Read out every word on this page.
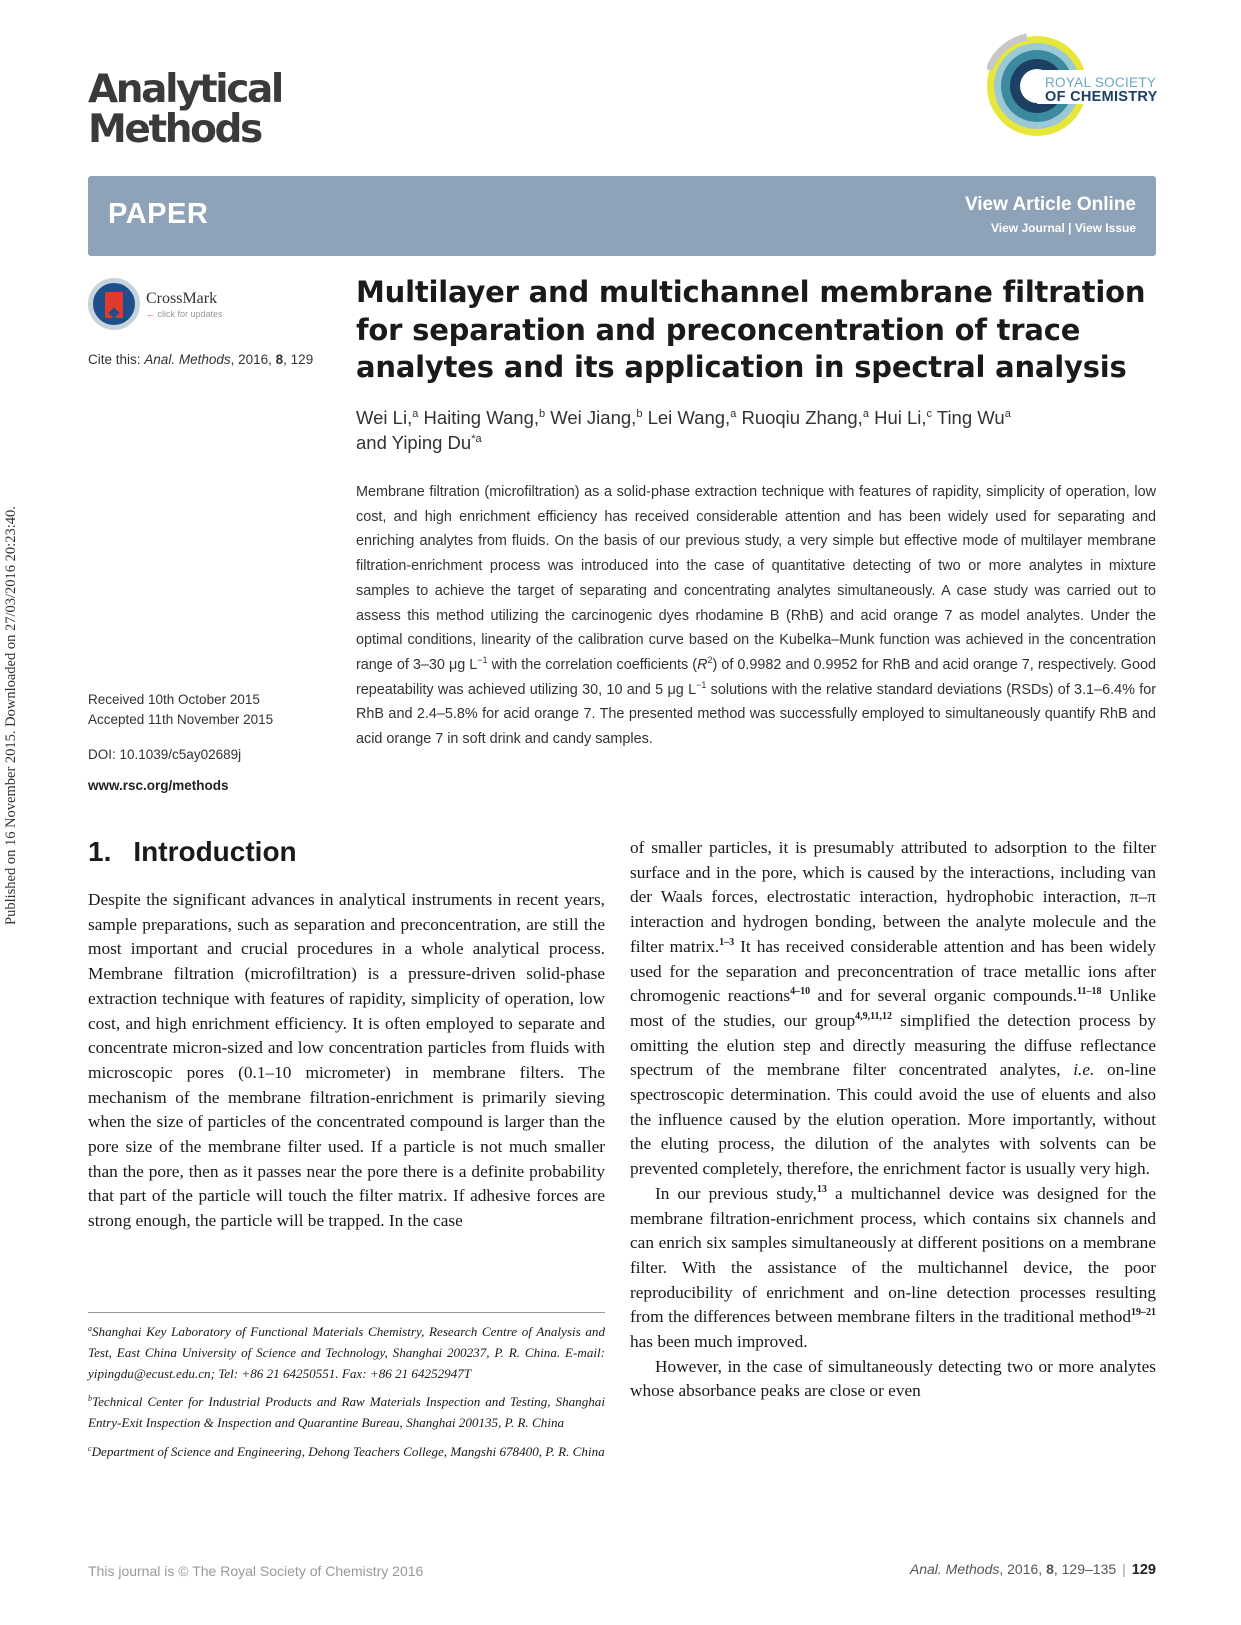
Published on 16 November 2015. Downloaded on 27/03/2016 20:23:40.
Analytical
Methods
ROYAL SOCIETY
OF CHEMISTRY
PAPER	View Article Online
View Journal | View Issue
CrossMark
← click for updates
Cite this: Anal. Methods, 2016, 8, 129
Multilayer and multichannel membrane filtration for separation and preconcentration of trace analytes and its application in spectral analysis
Wei Li,$^a$ Haiting Wang,$^b$ Wei Jiang,$^b$ Lei Wang,$^a$ Ruoqiu Zhang,$^a$ Hui Li,$^c$ Ting Wu$^a$
and Yiping Du$^{*a}$
Membrane filtration (microfiltration) as a solid-phase extraction technique with features of rapidity, simplicity of operation, low cost, and high enrichment efficiency has received considerable attention and has been widely used for separating and enriching analytes from fluids. On the basis of our previous study, a very simple but effective mode of multilayer membrane filtration-enrichment process was introduced into the case of quantitative detecting of two or more analytes in mixture samples to achieve the target of separating and concentrating analytes simultaneously. A case study was carried out to assess this method utilizing the carcinogenic dyes rhodamine B (RhB) and acid orange 7 as model analytes. Under the optimal conditions, linearity of the calibration curve based on the Kubelka–Munk function was achieved in the concentration range of 3–30 μg $L^{-1}$ with the correlation coefficients $(R^2)$ of 0.9982 and 0.9952 for RhB and acid orange 7, respectively. Good repeatability was achieved utilizing 30, 10 and 5 μg $L^{-1}$ solutions with the relative standard deviations (RSDs) of 3.1–6.4% for RhB and 2.4–5.8% for acid orange 7. The presented method was successfully employed to simultaneously quantify RhB and acid orange 7 in soft drink and candy samples.
Received 10th October 2015
Accepted 11th November 2015
DOI: 10.1039/c5ay02689j
www.rsc.org/methods
1. Introduction

Despite the significant advances in analytical instruments in recent years, sample preparations, such as separation and preconcentration, are still the most important and crucial procedures in a whole analytical process. Membrane filtration (microfiltration) is a pressure-driven solid-phase extraction technique with features of rapidity, simplicity of operation, low cost, and high enrichment efficiency. It is often employed to separate and concentrate micron-sized and low concentration particles from fluids with microscopic pores (0.1–10 micrometer) in membrane filters. The mechanism of the membrane filtration-enrichment is primarily sieving when the size of particles of the concentrated compound is larger than the pore size of the membrane filter used. If a particle is not much smaller than the pore, then as it passes near the pore there is a definite probability that part of the particle will touch the filter matrix. If adhesive forces are strong enough, the particle will be trapped. In the case

of smaller particles, it is presumably attributed to adsorption to the filter surface and in the pore, which is caused by the interactions, including van der Waals forces, electrostatic interaction, hydrophobic interaction, π–π interaction and hydrogen bonding, between the analyte molecule and the filter matrix.$^{1-3}$ It has received considerable attention and has been widely used for the separation and preconcentration of trace metallic ions after chromogenic reactions$^{4-10}$ and for several organic compounds.$^{11-18}$ Unlike most of the studies, our group$^{4,9,11,12}$ simplified the detection process by omitting the elution step and directly measuring the diffuse reflectance spectrum of the membrane filter concentrated analytes, i.e. on-line spectroscopic determination. This could avoid the use of eluents and also the influence caused by the elution operation. More importantly, without the eluting process, the dilution of the analytes with solvents can be prevented completely, therefore, the enrichment factor is usually very high.

In our previous study,$^{13}$ a multichannel device was designed for the membrane filtration-enrichment process, which contains six channels and can enrich six samples simultaneously at different positions on a membrane filter. With the assistance of the multichannel device, the poor reproducibility of enrichment and on-line detection processes resulting from the differences between membrane filters in the traditional method$^{19-21}$ has been much improved.

However, in the case of simultaneously detecting two or more analytes whose absorbance peaks are close or even

$^a$Shanghai Key Laboratory of Functional Materials Chemistry, Research Centre of Analysis and Test, East China University of Science and Technology, Shanghai 200237, P. R. China. E-mail: yipingdu@ecust.edu.cn; Tel: +86 21 64250551. Fax: +86 21 64252947T
$^b$Technical Center for Industrial Products and Raw Materials Inspection and Testing, Shanghai Entry-Exit Inspection & Inspection and Quarantine Bureau, Shanghai 200135, P. R. China
$^c$Department of Science and Engineering, Dehong Teachers College, Mangshi 678400, P. R. China
This journal is © The Royal Society of Chemistry 2016	Anal. Methods, 2016, 8, 129–135 | 129
